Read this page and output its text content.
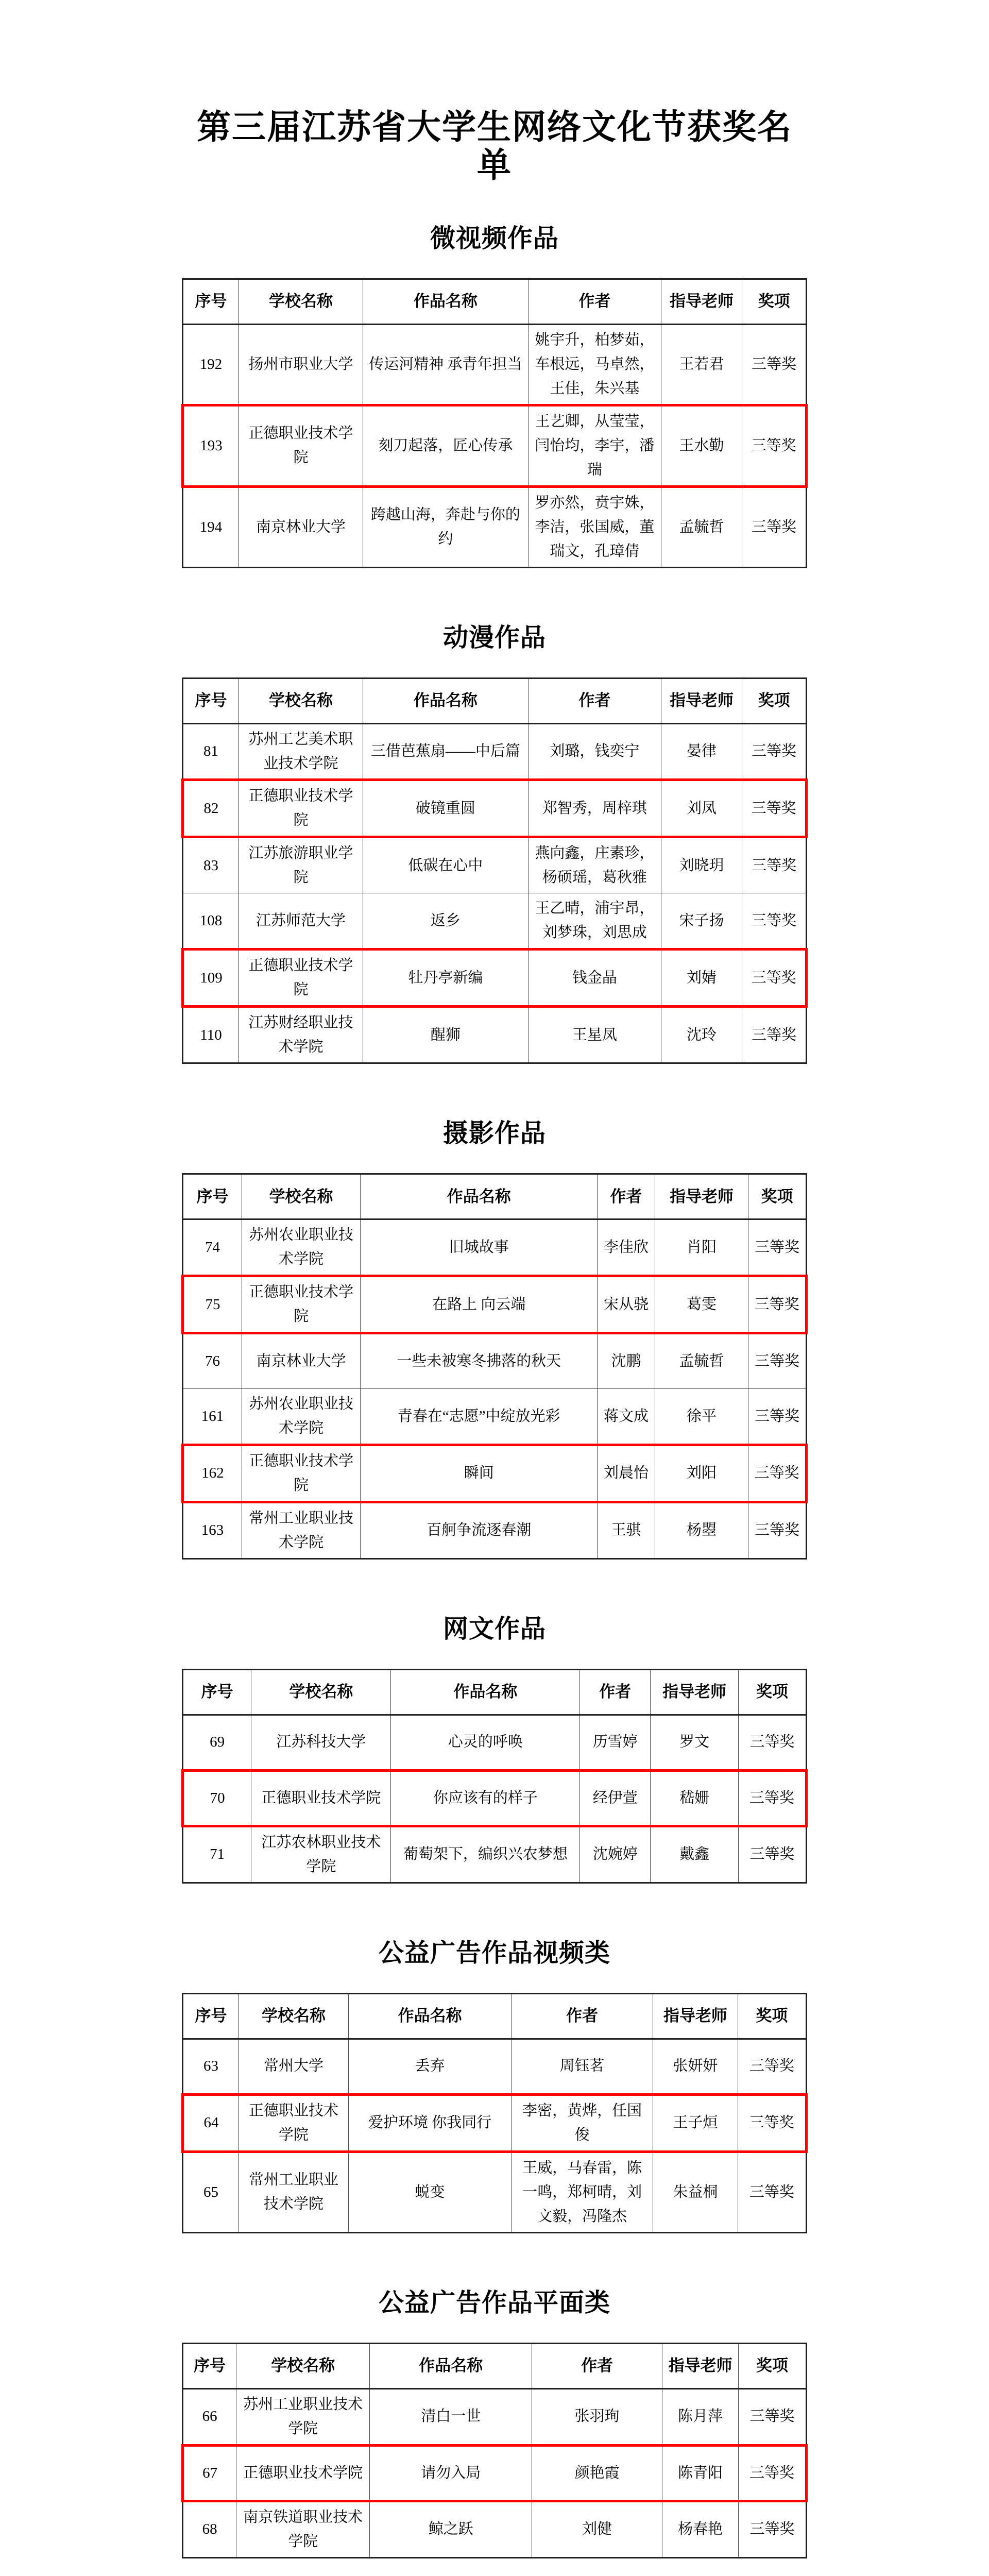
第三届江苏省大学生网络文化节获奖名单
微视频作品
序号	学校名称	作品名称	作者	指导老师	奖项
192	扬州市职业大学	传运河精神 承青年担当	姚宇升，柏梦茹，车根远，马卓然，王佳，朱兴基	王若君	三等奖
193	正德职业技术学院	刻刀起落，匠心传承	王艺卿，从莹莹，闫怡均，李宇，潘瑞	王水勤	三等奖
194	南京林业大学	跨越山海，奔赴与你的约	罗亦然，贲宇姝，李洁，张国威，董瑞文，孔璋倩	孟毓哲	三等奖
动漫作品
序号	学校名称	作品名称	作者	指导老师	奖项
81	苏州工艺美术职业技术学院	三借芭蕉扇——中后篇	刘璐，钱奕宁	晏律	三等奖
82	正德职业技术学院	破镜重圆	郑智秀，周梓琪	刘凤	三等奖
83	江苏旅游职业学院	低碳在心中	燕向鑫，庄素珍，杨硕瑶，葛秋雅	刘晓玥	三等奖
108	江苏师范大学	返乡	王乙晴，浦宇昂，刘梦珠，刘思成	宋子扬	三等奖
109	正德职业技术学院	牡丹亭新编	钱金晶	刘婧	三等奖
110	江苏财经职业技术学院	醒狮	王星凤	沈玲	三等奖
摄影作品
序号	学校名称	作品名称	作者	指导老师	奖项
74	苏州农业职业技术学院	旧城故事	李佳欣	肖阳	三等奖
75	正德职业技术学院	在路上 向云端	宋从骁	葛雯	三等奖
76	南京林业大学	一些未被寒冬拂落的秋天	沈鹏	孟毓哲	三等奖
161	苏州农业职业技术学院	青春在“志愿”中绽放光彩	蒋文成	徐平	三等奖
162	正德职业技术学院	瞬间	刘晨怡	刘阳	三等奖
163	常州工业职业技术学院	百舸争流逐春潮	王骐	杨曌	三等奖
网文作品
序号	学校名称	作品名称	作者	指导老师	奖项
69	江苏科技大学	心灵的呼唤	历雪婷	罗文	三等奖
70	正德职业技术学院	你应该有的样子	经伊萱	嵇姗	三等奖
71	江苏农林职业技术学院	葡萄架下，编织兴农梦想	沈婉婷	戴鑫	三等奖
公益广告作品视频类
序号	学校名称	作品名称	作者	指导老师	奖项
63	常州大学	丢弃	周钰茗	张妍妍	三等奖
64	正德职业技术学院	爱护环境 你我同行	李密，黄烨，任国俊	王子烜	三等奖
65	常州工业职业技术学院	蜕变	王威，马春雷，陈一鸣，郑柯晴，刘文毅，冯隆杰	朱益桐	三等奖
公益广告作品平面类
序号	学校名称	作品名称	作者	指导老师	奖项
66	苏州工业职业技术学院	清白一世	张羽珣	陈月萍	三等奖
67	正德职业技术学院	请勿入局	颜艳霞	陈青阳	三等奖
68	南京铁道职业技术学院	鲸之跃	刘健	杨春艳	三等奖
